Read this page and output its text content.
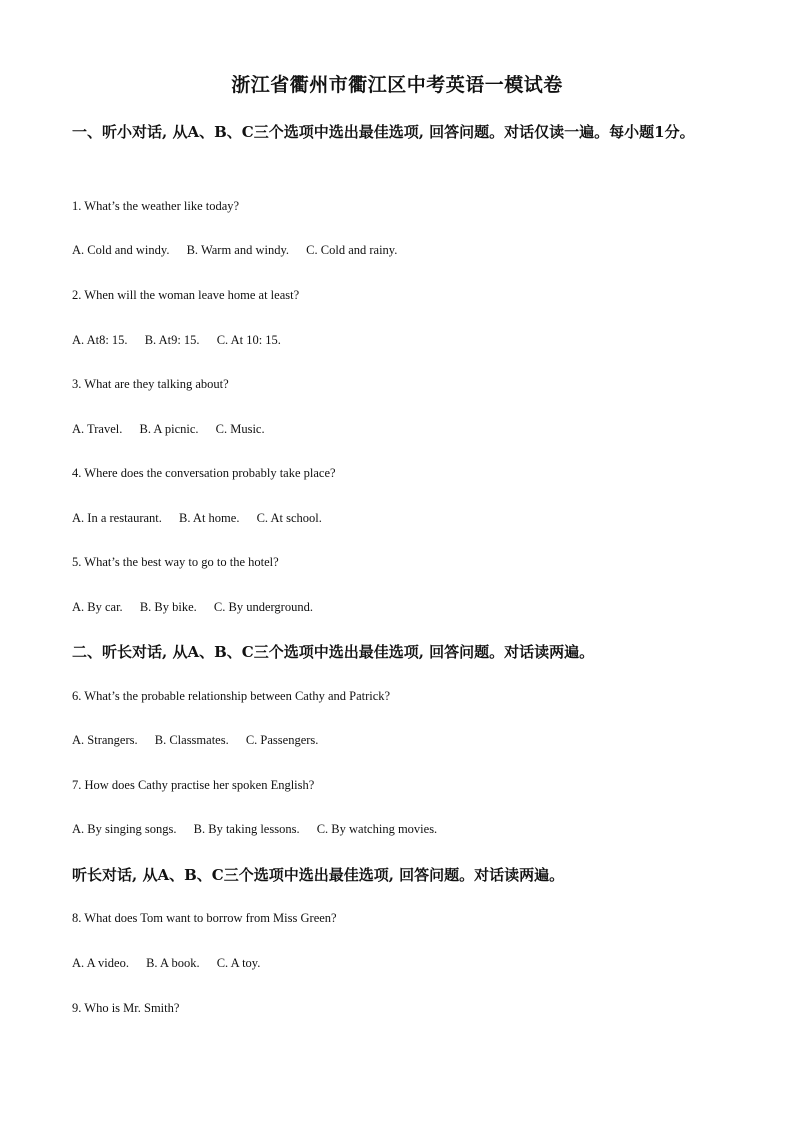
浙江省衢州市衢江区中考英语一模试卷
一、听小对话, 从A、B、C三个选项中选出最佳选项, 回答问题。对话仅读一遍。每小题1分。
1. What’s the weather like today?
A. Cold and windy. B. Warm and windy. C. Cold and rainy.
2. When will the woman leave home at least?
A. At8: 15. B. At9: 15. C. At 10: 15.
3. What are they talking about?
A. Travel. B. A picnic. C. Music.
4. Where does the conversation probably take place?
A. In a restaurant. B. At home. C. At school.
5. What’s the best way to go to the hotel?
A. By car. B. By bike. C. By underground.
二、听长对话, 从A、B、C三个选项中选出最佳选项, 回答问题。对话读两遍。
6. What’s the probable relationship between Cathy and Patrick?
A. Strangers. B. Classmates. C. Passengers.
7. How does Cathy practise her spoken English?
A. By singing songs. B. By taking lessons. C. By watching movies.
听长对话, 从A、B、C三个选项中选出最佳选项, 回答问题。对话读两遍。
8. What does Tom want to borrow from Miss Green?
A. A video. B. A book. C. A toy.
9. Who is Mr. Smith?
